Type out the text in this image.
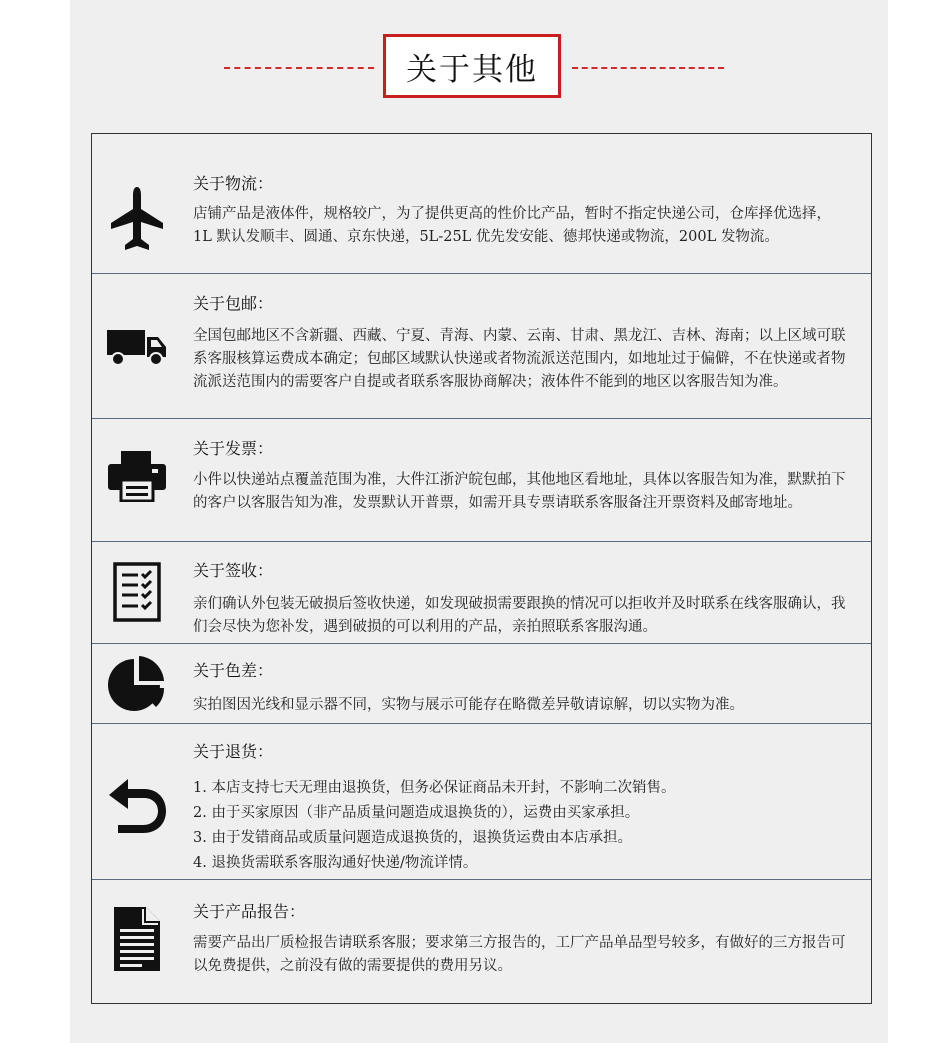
关于其他
关于物流：
店铺产品是液体件，规格较广，为了提供更高的性价比产品，暂时不指定快递公司，仓库择优选择，1L 默认发顺丰、圆通、京东快递，5L-25L 优先发安能、德邦快递或物流，200L 发物流。
关于包邮：
全国包邮地区不含新疆、西藏、宁夏、青海、内蒙、云南、甘肃、黑龙江、吉林、海南；以上区域可联系客服核算运费成本确定；包邮区域默认快递或者物流派送范围内，如地址过于偏僻，不在快递或者物流派送范围内的需要客户自提或者联系客服协商解决；液体件不能到的地区以客服告知为准。
关于发票：
小件以快递站点覆盖范围为准，大件江浙沪皖包邮，其他地区看地址，具体以客服告知为准，默默拍下的客户以客服告知为准，发票默认开普票，如需开具专票请联系客服备注开票资料及邮寄地址。
关于签收：
亲们确认外包装无破损后签收快递，如发现破损需要跟换的情况可以拒收并及时联系在线客服确认，我们会尽快为您补发，遇到破损的可以利用的产品，亲拍照联系客服沟通。
关于色差：
实拍图因光线和显示器不同，实物与展示可能存在略微差异敬请谅解，切以实物为准。
关于退货：
1. 本店支持七天无理由退换货，但务必保证商品未开封，不影响二次销售。
2. 由于买家原因（非产品质量问题造成退换货的），运费由买家承担。
3. 由于发错商品或质量问题造成退换货的，退换货运费由本店承担。
4. 退换货需联系客服沟通好快递/物流详情。
关于产品报告：
需要产品出厂质检报告请联系客服；要求第三方报告的，工厂产品单品型号较多，有做好的三方报告可以免费提供，之前没有做的需要提供的费用另议。
